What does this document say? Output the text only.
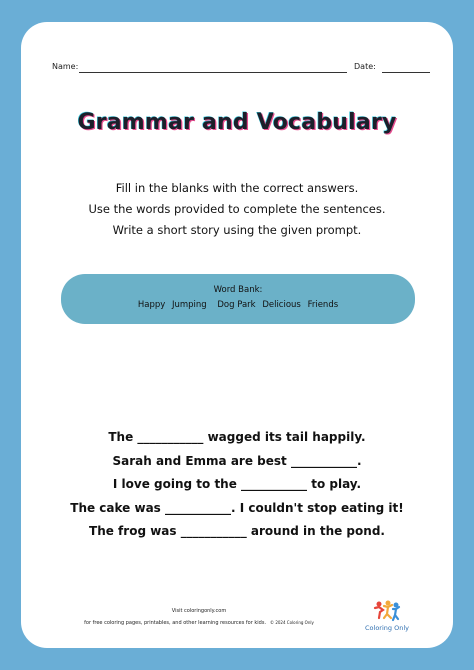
Name:	Date:
Grammar and Vocabulary
Fill in the blanks with the correct answers.
Use the words provided to complete the sentences.
Write a short story using the given prompt.
Word Bank:
Happy Jumping Dog Park Delicious Friends
The ___________ wagged its tail happily.
Sarah and Emma are best ___________.
I love going to the ___________ to play.
The cake was ___________. I couldn't stop eating it!
The frog was ___________ around in the pond.
Visit coloringonly.com
for free coloring pages, printables, and other learning resources for kids. © 2024 Coloring Only
Coloring Only
